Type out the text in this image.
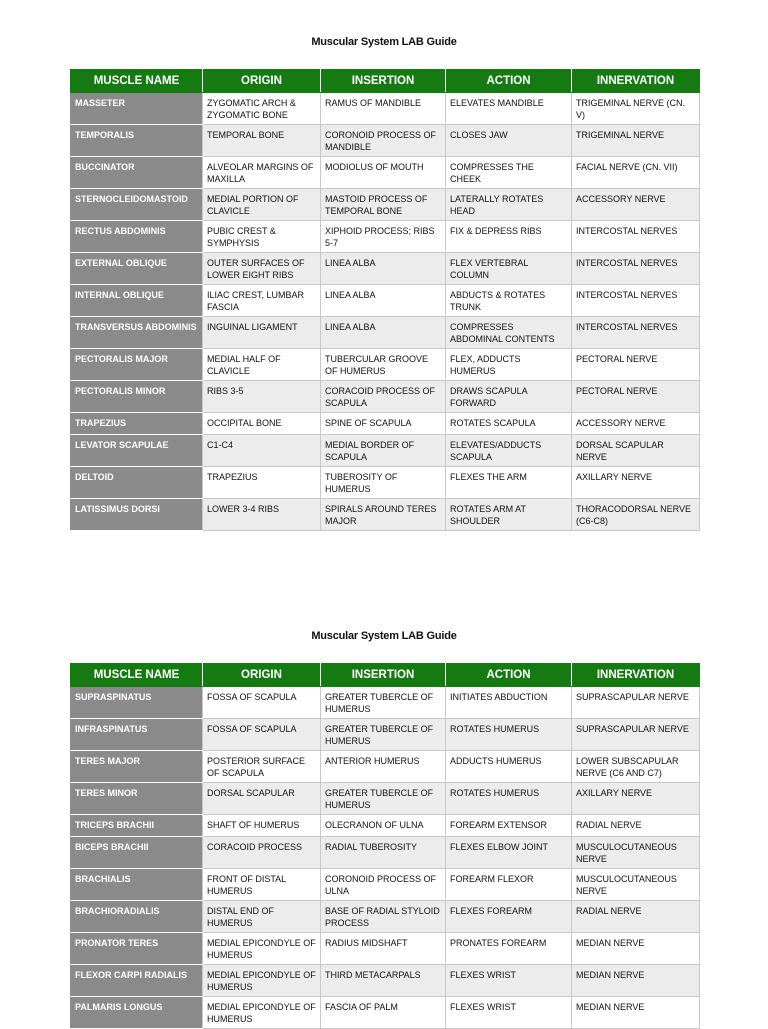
Muscular System LAB Guide
MUSCLE NAME	ORIGIN	INSERTION	ACTION	INNERVATION
MASSETER	ZYGOMATIC ARCH & ZYGOMATIC BONE	RAMUS OF MANDIBLE	ELEVATES MANDIBLE	TRIGEMINAL NERVE (CN. V)
TEMPORALIS	TEMPORAL BONE	CORONOID PROCESS OF MANDIBLE	CLOSES JAW	TRIGEMINAL NERVE
BUCCINATOR	ALVEOLAR MARGINS OF MAXILLA	MODIOLUS OF MOUTH	COMPRESSES THE CHEEK	FACIAL NERVE (CN. VII)
STERNOCLEIDOMASTOID	MEDIAL PORTION OF CLAVICLE	MASTOID PROCESS OF TEMPORAL BONE	LATERALLY ROTATES HEAD	ACCESSORY NERVE
RECTUS ABDOMINIS	PUBIC CREST & SYMPHYSIS	XIPHOID PROCESS; RIBS 5-7	FIX & DEPRESS RIBS	INTERCOSTAL NERVES
EXTERNAL OBLIQUE	OUTER SURFACES OF LOWER EIGHT RIBS	LINEA ALBA	FLEX VERTEBRAL COLUMN	INTERCOSTAL NERVES
INTERNAL OBLIQUE	ILIAC CREST, LUMBAR FASCIA	LINEA ALBA	ABDUCTS & ROTATES TRUNK	INTERCOSTAL NERVES
TRANSVERSUS ABDOMINIS	INGUINAL LIGAMENT	LINEA ALBA	COMPRESSES ABDOMINAL CONTENTS	INTERCOSTAL NERVES
PECTORALIS MAJOR	MEDIAL HALF OF CLAVICLE	TUBERCULAR GROOVE OF HUMERUS	FLEX, ADDUCTS HUMERUS	PECTORAL NERVE
PECTORALIS MINOR	RIBS 3-5	CORACOID PROCESS OF SCAPULA	DRAWS SCAPULA FORWARD	PECTORAL NERVE
TRAPEZIUS	OCCIPITAL BONE	SPINE OF SCAPULA	ROTATES SCAPULA	ACCESSORY NERVE
LEVATOR SCAPULAE	C1-C4	MEDIAL BORDER OF SCAPULA	ELEVATES/ADDUCTS SCAPULA	DORSAL SCAPULAR NERVE
DELTOID	TRAPEZIUS	TUBEROSITY OF HUMERUS	FLEXES THE ARM	AXILLARY NERVE
LATISSIMUS DORSI	LOWER 3-4 RIBS	SPIRALS AROUND TERES MAJOR	ROTATES ARM AT SHOULDER	THORACODORSAL NERVE (C6-C8)
Muscular System LAB Guide
MUSCLE NAME	ORIGIN	INSERTION	ACTION	INNERVATION
SUPRASPINATUS	FOSSA OF SCAPULA	GREATER TUBERCLE OF HUMERUS	INITIATES ABDUCTION	SUPRASCAPULAR NERVE
INFRASPINATUS	FOSSA OF SCAPULA	GREATER TUBERCLE OF HUMERUS	ROTATES HUMERUS	SUPRASCAPULAR NERVE
TERES MAJOR	POSTERIOR SURFACE OF SCAPULA	ANTERIOR HUMERUS	ADDUCTS HUMERUS	LOWER SUBSCAPULAR NERVE (C6 AND C7)
TERES MINOR	DORSAL SCAPULAR	GREATER TUBERCLE OF HUMERUS	ROTATES HUMERUS	AXILLARY NERVE
TRICEPS BRACHII	SHAFT OF HUMERUS	OLECRANON OF ULNA	FOREARM EXTENSOR	RADIAL NERVE
BICEPS BRACHII	CORACOID PROCESS	RADIAL TUBEROSITY	FLEXES ELBOW JOINT	MUSCULOCUTANEOUS NERVE
BRACHIALIS	FRONT OF DISTAL HUMERUS	CORONOID PROCESS OF ULNA	FOREARM FLEXOR	MUSCULOCUTANEOUS NERVE
BRACHIORADIALIS	DISTAL END OF HUMERUS	BASE OF RADIAL STYLOID PROCESS	FLEXES FOREARM	RADIAL NERVE
PRONATOR TERES	MEDIAL EPICONDYLE OF HUMERUS	RADIUS MIDSHAFT	PRONATES FOREARM	MEDIAN NERVE
FLEXOR CARPI RADIALIS	MEDIAL EPICONDYLE OF HUMERUS	THIRD METACARPALS	FLEXES WRIST	MEDIAN NERVE
PALMARIS LONGUS	MEDIAL EPICONDYLE OF HUMERUS	FASCIA OF PALM	FLEXES WRIST	MEDIAN NERVE
